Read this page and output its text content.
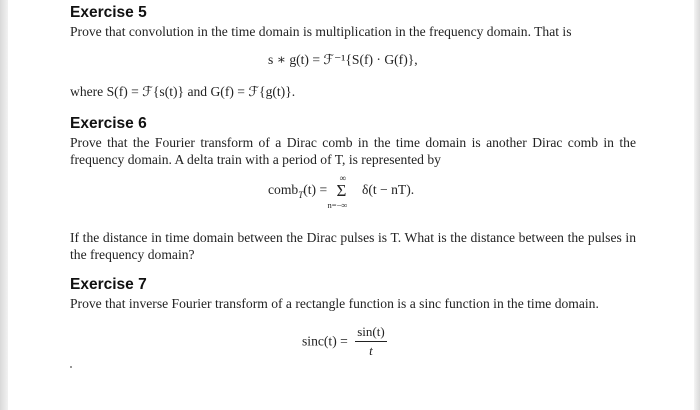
Exercise 5

Prove that convolution in the time domain is multiplication in the frequency domain. That is

s ∗ g(t) = ℱ⁻¹{S(f) · G(f)},

where S(f) = ℱ{s(t)} and G(f) = ℱ{g(t)}.

Exercise 6

Prove that the Fourier transform of a Dirac comb in the time domain is another Dirac comb in the frequency domain. A delta train with a period of T, is represented by

comb$_T$(t) =
∞
Σ
n=−∞
δ(t − nT).

If the distance in time domain between the Dirac pulses is T. What is the distance between the pulses in the frequency domain?

Exercise 7

Prove that inverse Fourier transform of a rectangle function is a sinc function in the time domain.

$\sin c(t) = \frac{\sin(t)}{t}$
